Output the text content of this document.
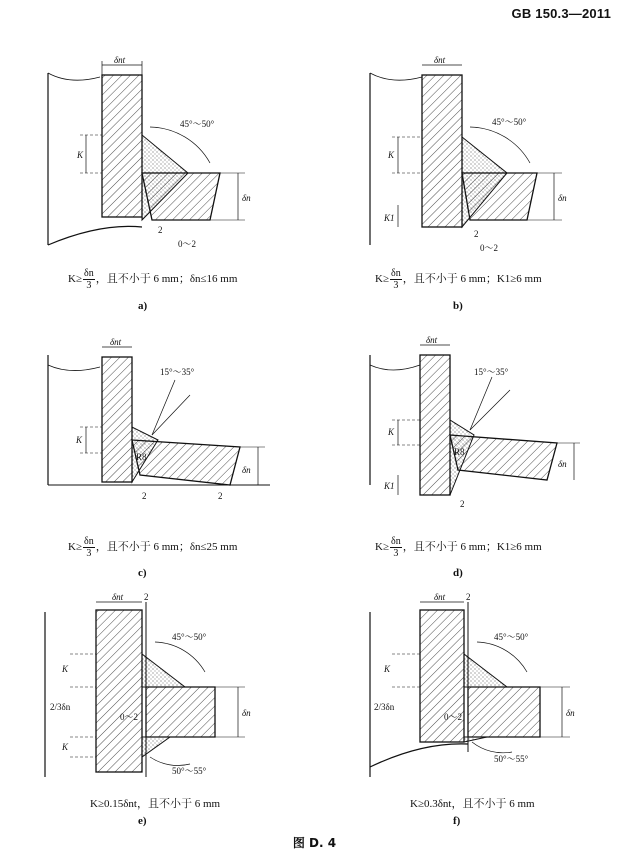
GB 150.3—2011
δnt
K
45°～50°
δn
2
0～2
$K\ge \frac{\delta n}{3}$ ，且不小于 6 mm；δn≤16 mm
a)
δnt
K
K1
45°～50°
δn
2
0～2
$K\ge \frac{\delta n}{3}$ ，且不小于 6 mm；K1≥6 mm
b)
δnt
K
15°～35°
R8
δn
2	2
$K\ge \frac{\delta n}{3}$ ，且不小于 6 mm；δn≤25 mm
c)
δnt
K
K1
15°～35°
R8
δn
2
$K\ge \frac{\delta n}{3}$ ，且不小于 6 mm；K1≥6 mm
d)
δnt 2
K
2/3δn
K
0～2
45°～50°
50°～55°
δn
K≥0.15δnt，且不小于 6 mm
e)
δnt 2
K
2/3δn
0～2
45°～50°
50°～55°
δn
K≥0.3δnt，且不小于 6 mm
f)
图 D. 4
